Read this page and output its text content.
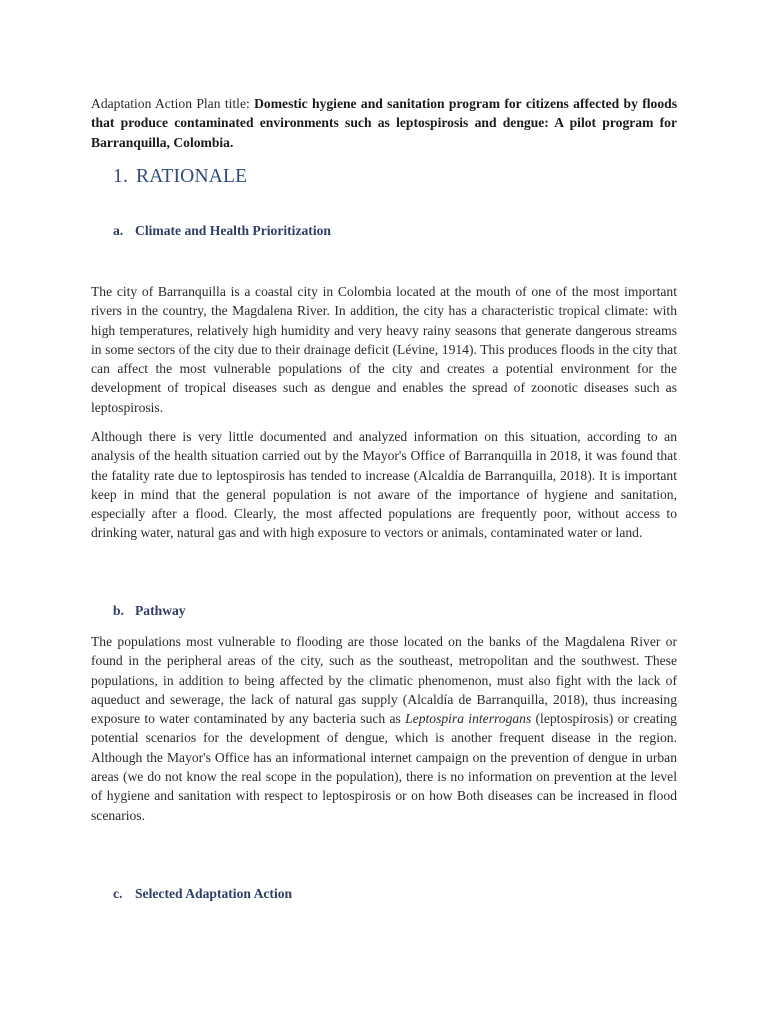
Adaptation Action Plan title: Domestic hygiene and sanitation program for citizens affected by floods that produce contaminated environments such as leptospirosis and dengue: A pilot program for Barranquilla, Colombia.
1. RATIONALE
a. Climate and Health Prioritization

The city of Barranquilla is a coastal city in Colombia located at the mouth of one of the most important rivers in the country, the Magdalena River. In addition, the city has a characteristic tropical climate: with high temperatures, relatively high humidity and very heavy rainy seasons that generate dangerous streams in some sectors of the city due to their drainage deficit (Lévine, 1914). This produces floods in the city that can affect the most vulnerable populations of the city and creates a potential environment for the development of tropical diseases such as dengue and enables the spread of zoonotic diseases such as leptospirosis.

Although there is very little documented and analyzed information on this situation, according to an analysis of the health situation carried out by the Mayor's Office of Barranquilla in 2018, it was found that the fatality rate due to leptospirosis has tended to increase (Alcaldía de Barranquilla, 2018). It is important keep in mind that the general population is not aware of the importance of hygiene and sanitation, especially after a flood. Clearly, the most affected populations are frequently poor, without access to drinking water, natural gas and with high exposure to vectors or animals, contaminated water or land.

b. Pathway

The populations most vulnerable to flooding are those located on the banks of the Magdalena River or found in the peripheral areas of the city, such as the southeast, metropolitan and the southwest. These populations, in addition to being affected by the climatic phenomenon, must also fight with the lack of aqueduct and sewerage, the lack of natural gas supply (Alcaldía de Barranquilla, 2018), thus increasing exposure to water contaminated by any bacteria such as Leptospira interrogans (leptospirosis) or creating potential scenarios for the development of dengue, which is another frequent disease in the region. Although the Mayor's Office has an informational internet campaign on the prevention of dengue in urban areas (we do not know the real scope in the population), there is no information on prevention at the level of hygiene and sanitation with respect to leptospirosis or on how Both diseases can be increased in flood scenarios.

c. Selected Adaptation Action
